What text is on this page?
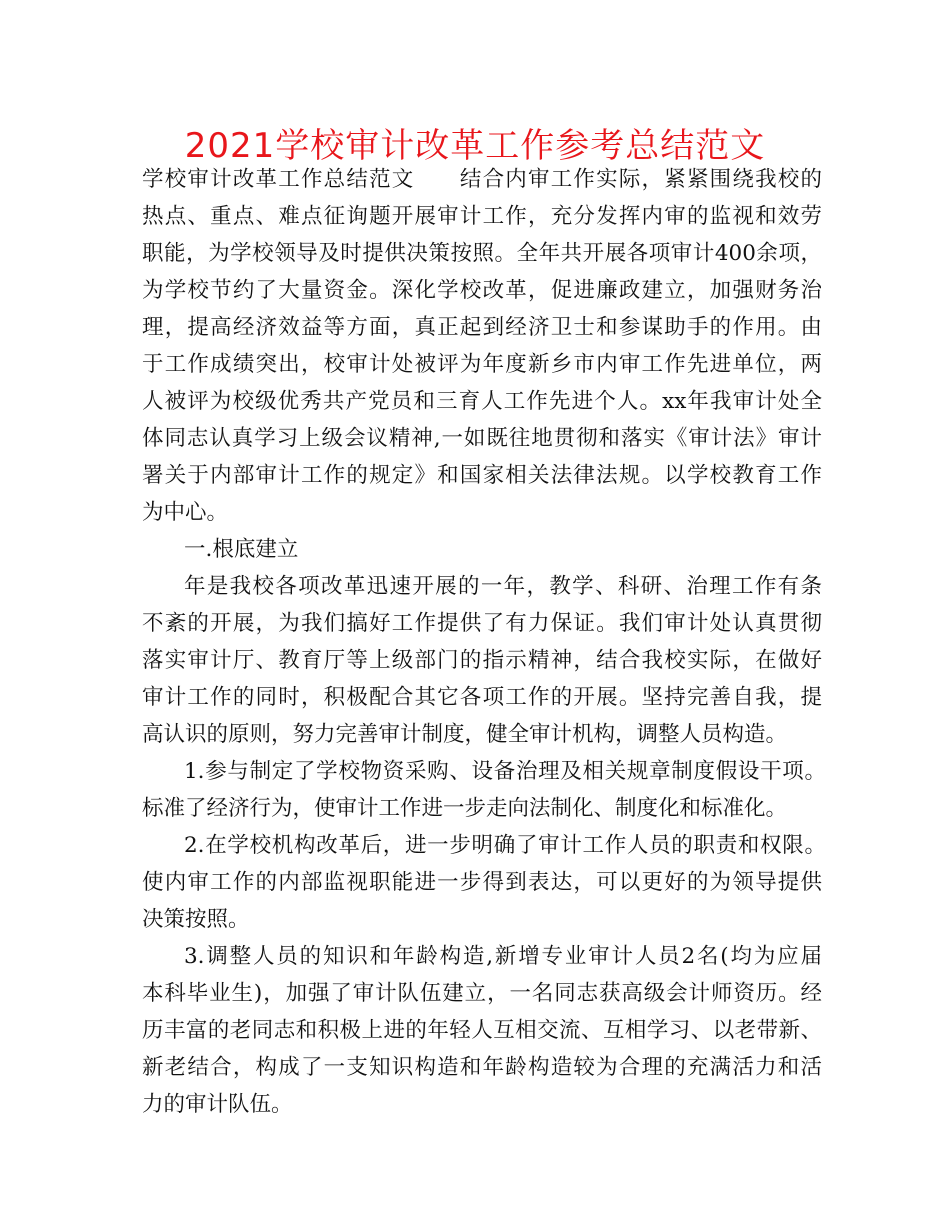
2021学校审计改革工作参考总结范文

学校审计改革工作总结范文　　结合内审工作实际，紧紧围绕我校的

热点、重点、难点征询题开展审计工作，充分发挥内审的监视和效劳

职能，为学校领导及时提供决策按照。全年共开展各项审计400余项，

为学校节约了大量资金。深化学校改革，促进廉政建立，加强财务治

理，提高经济效益等方面，真正起到经济卫士和参谋助手的作用。由

于工作成绩突出，校审计处被评为年度新乡市内审工作先进单位，两

人被评为校级优秀共产党员和三育人工作先进个人。xx年我审计处全

体同志认真学习上级会议精神,一如既往地贯彻和落实《审计法》审计

署关于内部审计工作的规定》和国家相关法律法规。以学校教育工作

为中心。

一.根底建立

年是我校各项改革迅速开展的一年，教学、科研、治理工作有条

不紊的开展，为我们搞好工作提供了有力保证。我们审计处认真贯彻

落实审计厅、教育厅等上级部门的指示精神，结合我校实际，在做好

审计工作的同时，积极配合其它各项工作的开展。坚持完善自我，提

高认识的原则，努力完善审计制度，健全审计机构，调整人员构造。

1.参与制定了学校物资采购、设备治理及相关规章制度假设干项。

标准了经济行为，使审计工作进一步走向法制化、制度化和标准化。

2.在学校机构改革后，进一步明确了审计工作人员的职责和权限。

使内审工作的内部监视职能进一步得到表达，可以更好的为领导提供

决策按照。

3.调整人员的知识和年龄构造,新增专业审计人员2名(均为应届

本科毕业生)，加强了审计队伍建立，一名同志获高级会计师资历。经

历丰富的老同志和积极上进的年轻人互相交流、互相学习、以老带新、

新老结合，构成了一支知识构造和年龄构造较为合理的充满活力和活

力的审计队伍。
